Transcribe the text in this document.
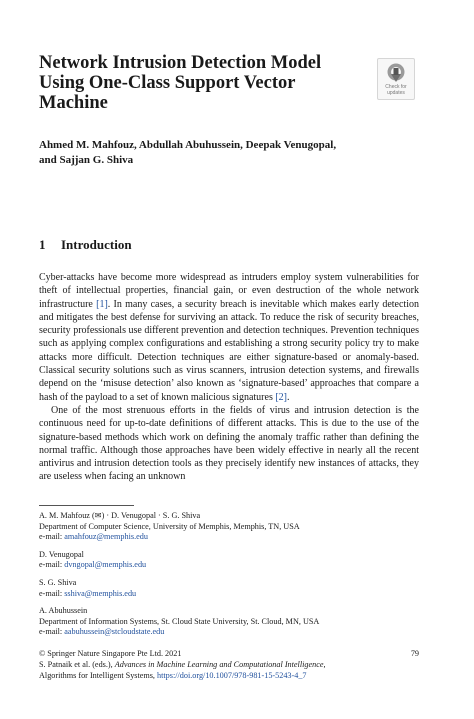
Network Intrusion Detection Model
Using One-Class Support Vector
Machine
Check for
updates
Ahmed M. Mahfouz, Abdullah Abuhussein, Deepak Venugopal,
and Sajjan G. Shiva
1 Introduction

Cyber-attacks have become more widespread as intruders employ system vulnerabilities for theft of intellectual properties, financial gain, or even destruction of the whole network infrastructure [1]. In many cases, a security breach is inevitable which makes early detection and mitigates the best defense for surviving an attack. To reduce the risk of security breaches, security professionals use different prevention and detection techniques. Prevention techniques such as applying complex configurations and establishing a strong security policy try to make attacks more difficult. Detection techniques are either signature-based or anomaly-based. Classical security solutions such as virus scanners, intrusion detection systems, and firewalls depend on the ‘misuse detection’ also known as ‘signature-based’ approaches that compare a hash of the payload to a set of known malicious signatures [2].

One of the most strenuous efforts in the fields of virus and intrusion detection is the continuous need for up-to-date definitions of different attacks. This is due to the use of the signature-based methods which work on defining the anomaly traffic rather than defining the normal traffic. Although those approaches have been widely effective in nearly all the recent antivirus and intrusion detection tools as they precisely identify new instances of attacks, they are useless when facing an unknown

A. M. Mahfouz (✉) · D. Venugopal · S. G. Shiva
Department of Computer Science, University of Memphis, Memphis, TN, USA
e-mail: amahfouz@memphis.edu
D. Venugopal
e-mail: dvngopal@memphis.edu
S. G. Shiva
e-mail: sshiva@memphis.edu
A. Abuhussein
Department of Information Systems, St. Cloud State University, St. Cloud, MN, USA
e-mail: aabuhussein@stcloudstate.edu
© Springer Nature Singapore Pte Ltd. 2021	79
S. Patnaik et al. (eds.), Advances in Machine Learning and Computational Intelligence,
Algorithms for Intelligent Systems, https://doi.org/10.1007/978-981-15-5243-4_7
